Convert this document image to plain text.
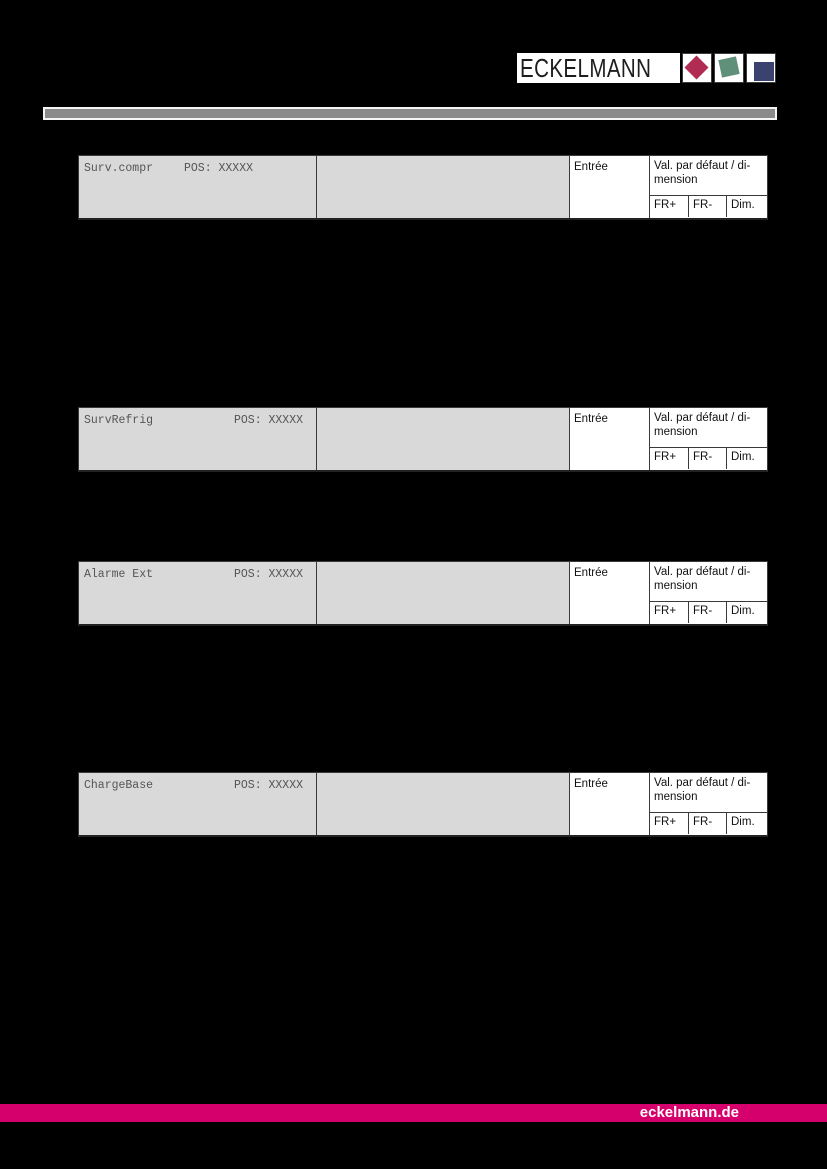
ECKELMANN
Surv.compr	POS: XXXXX	Entrée	Val. par défaut / di-mension
FR+	FR-	Dim.
SurvRefrig	POS: XXXXX	Entrée	Val. par défaut / di-mension
FR+	FR-	Dim.
Alarme Ext	POS: XXXXX	Entrée	Val. par défaut / di-mension
FR+	FR-	Dim.
ChargeBase	POS: XXXXX	Entrée	Val. par défaut / di-mension
FR+	FR-	Dim.
eckelmann.de
